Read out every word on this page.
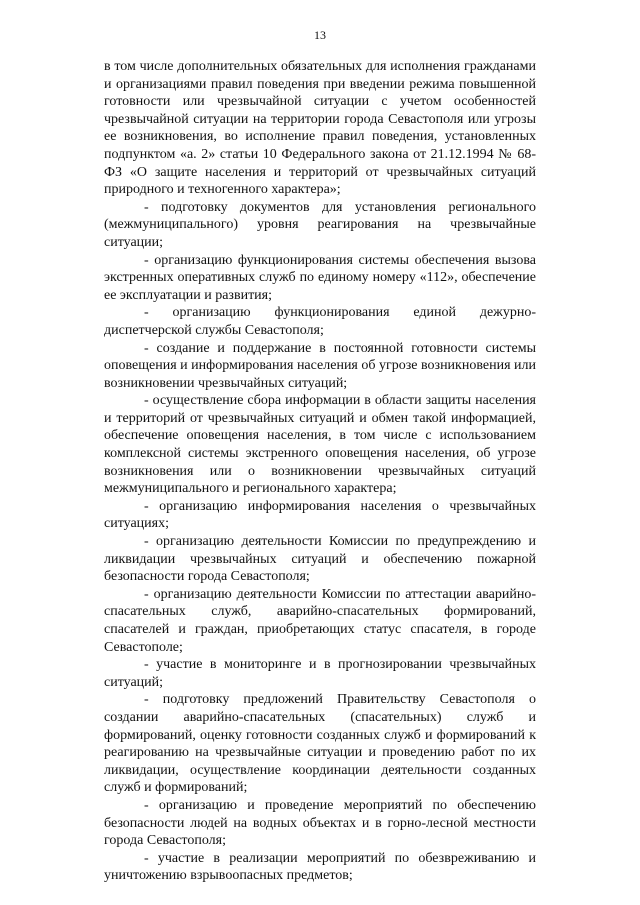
13

в том числе дополнительных обязательных для исполнения гражданами и организациями правил поведения при введении режима повышенной готовности или чрезвычайной ситуации с учетом особенностей чрезвычайной ситуации на территории города Севастополя или угрозы ее возникновения, во исполнение правил поведения, установленных подпунктом «а. 2» статьи 10 Федерального закона от 21.12.1994 № 68-ФЗ «О защите населения и территорий от чрезвычайных ситуаций природного и техногенного характера»;

- подготовку документов для установления регионального (межмуниципального) уровня реагирования на чрезвычайные ситуации;

- организацию функционирования системы обеспечения вызова экстренных оперативных служб по единому номеру «112», обеспечение ее эксплуатации и развития;

- организацию функционирования единой дежурно-диспетчерской службы Севастополя;

- создание и поддержание в постоянной готовности системы оповещения и информирования населения об угрозе возникновения или возникновении чрезвычайных ситуаций;

- осуществление сбора информации в области защиты населения и территорий от чрезвычайных ситуаций и обмен такой информацией, обеспечение оповещения населения, в том числе с использованием комплексной системы экстренного оповещения населения, об угрозе возникновения или о возникновении чрезвычайных ситуаций межмуниципального и регионального характера;

- организацию информирования населения о чрезвычайных ситуациях;

- организацию деятельности Комиссии по предупреждению и ликвидации чрезвычайных ситуаций и обеспечению пожарной безопасности города Севастополя;

- организацию деятельности Комиссии по аттестации аварийно-спасательных служб, аварийно-спасательных формирований, спасателей и граждан, приобретающих статус спасателя, в городе Севастополе;

- участие в мониторинге и в прогнозировании чрезвычайных ситуаций;

- подготовку предложений Правительству Севастополя о создании аварийно-спасательных (спасательных) служб и формирований, оценку готовности созданных служб и формирований к реагированию на чрезвычайные ситуации и проведению работ по их ликвидации, осуществление координации деятельности созданных служб и формирований;

- организацию и проведение мероприятий по обеспечению безопасности людей на водных объектах и в горно-лесной местности города Севастополя;

- участие в реализации мероприятий по обезвреживанию и уничтожению взрывоопасных предметов;
